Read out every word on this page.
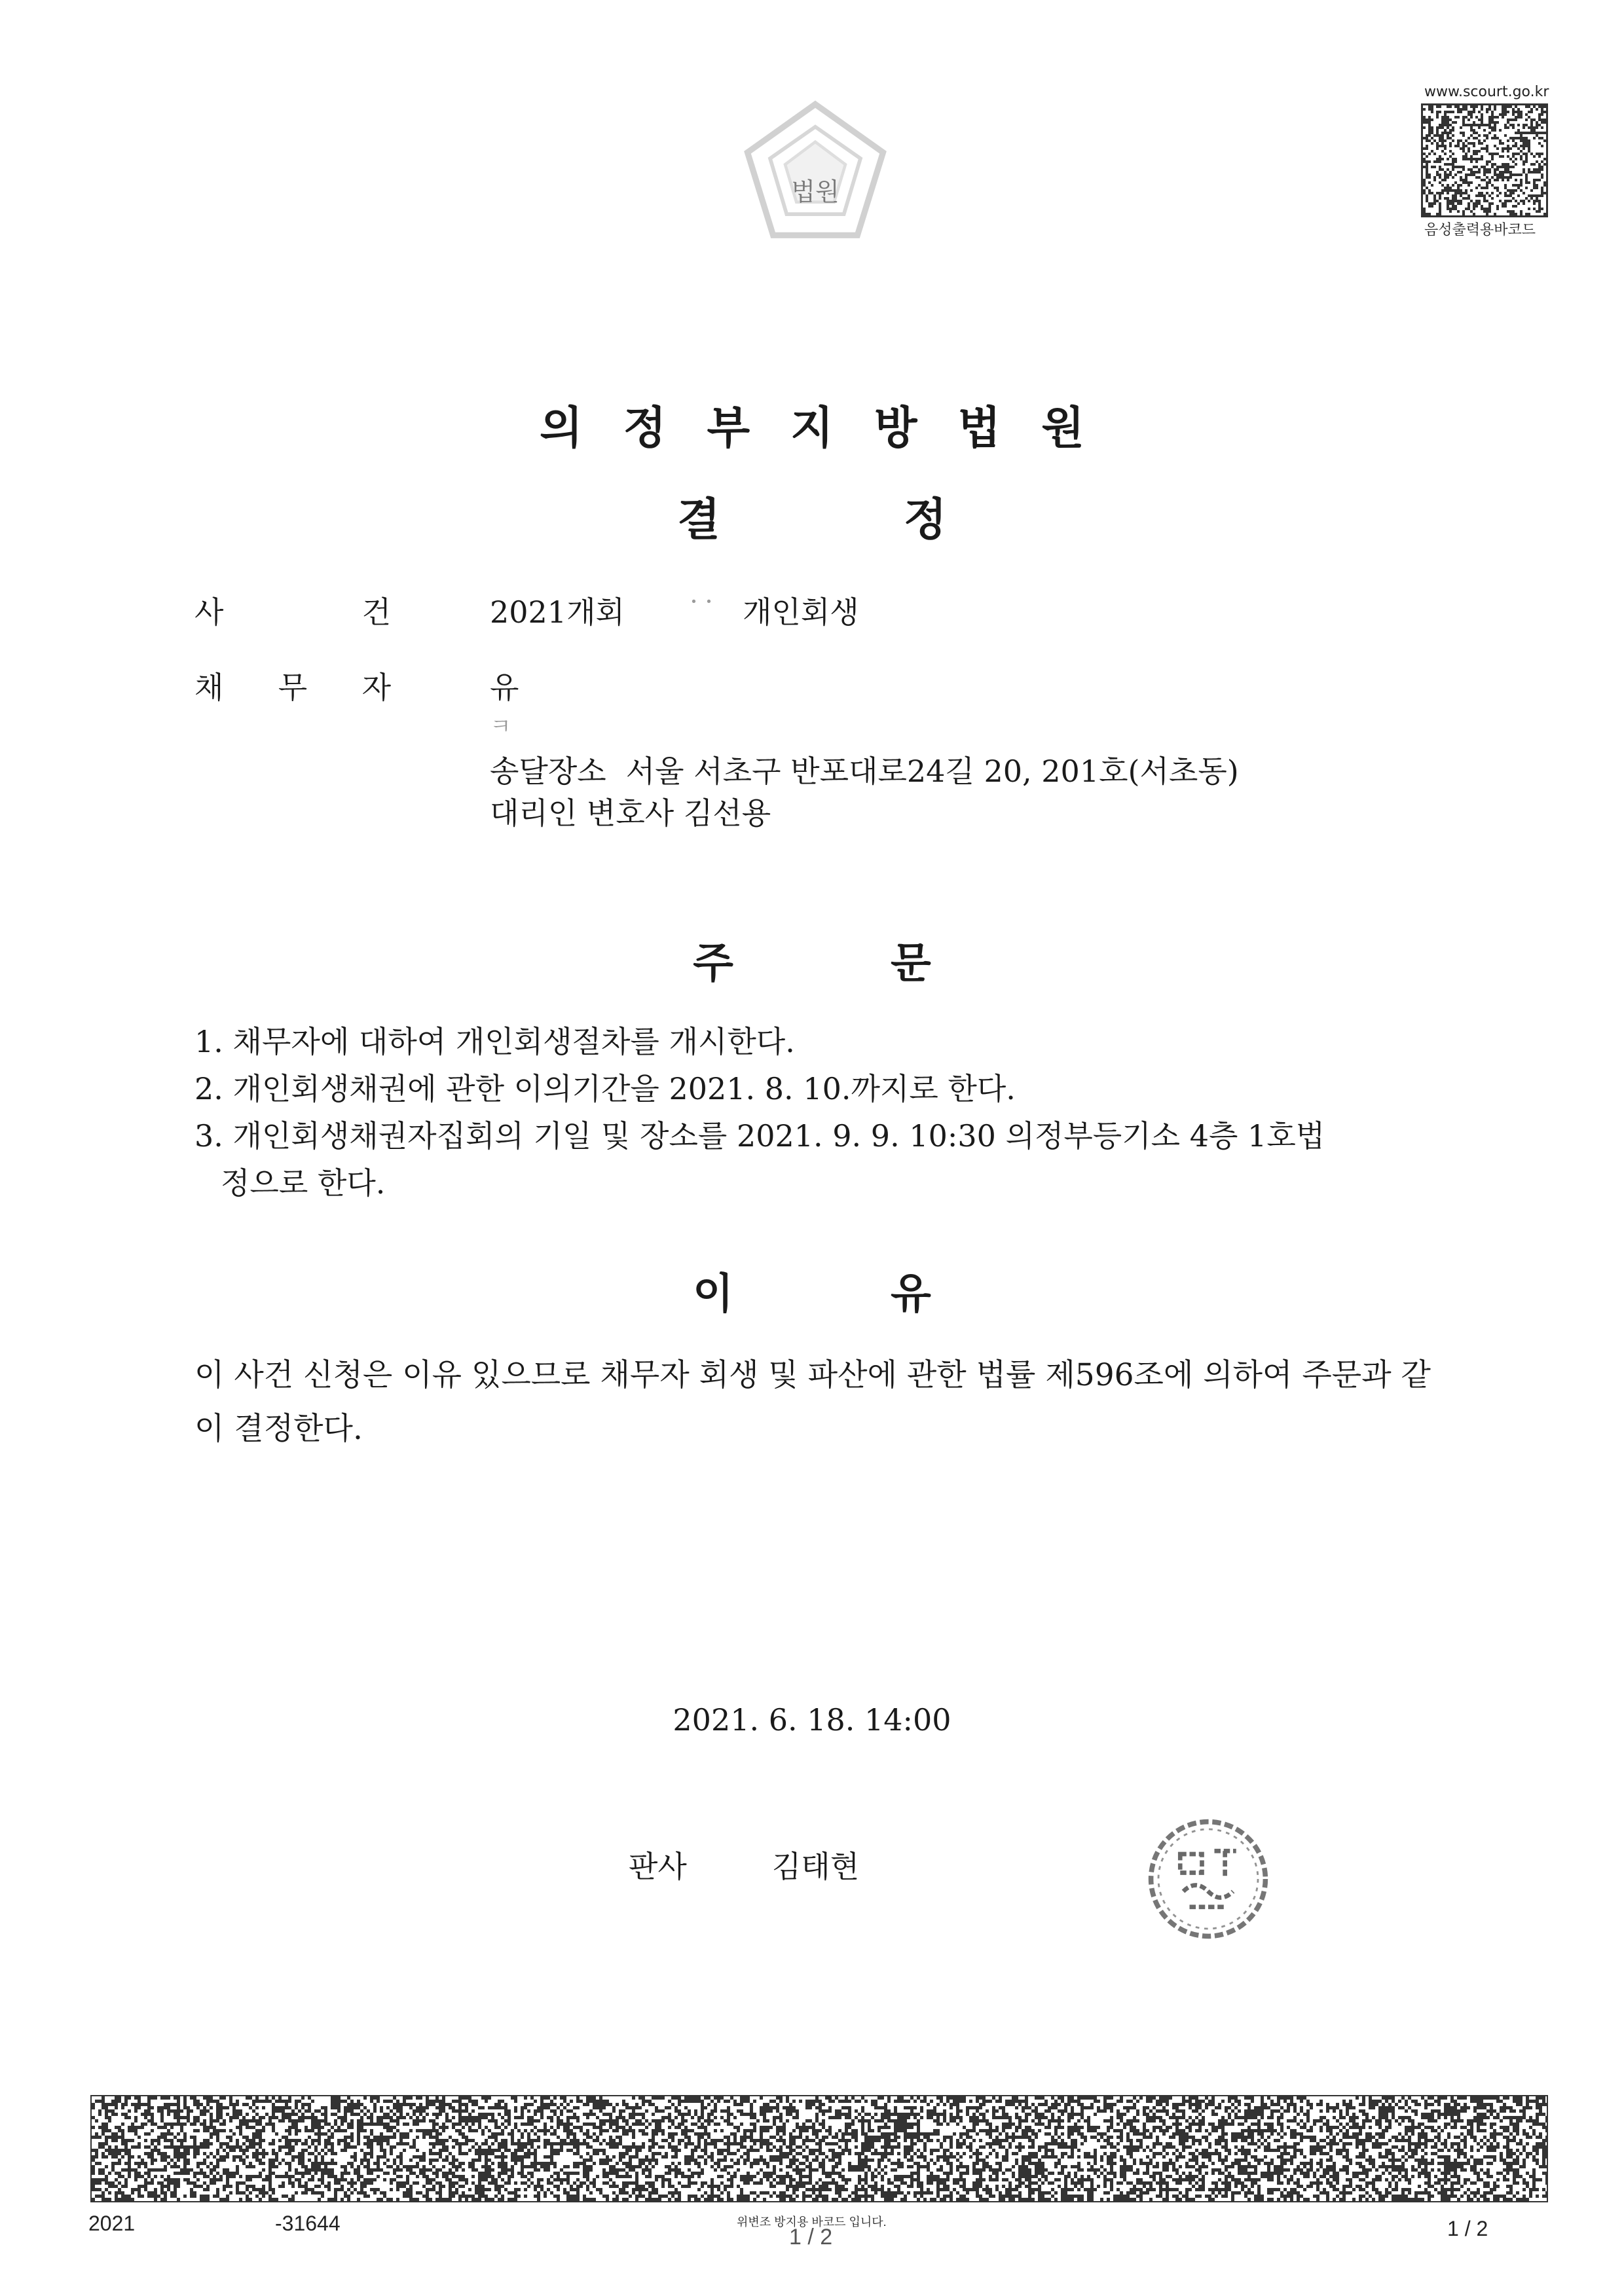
법원
www.scourt.go.kr
음성출력용바코드
의정부지방법원
결정
사	건	2021개회 ˙˙ 개인회생
채 무 자	유
ㅋ
송달장소 서울 서초구 반포대로24길 20, 201호(서초동)
대리인 변호사 김선용
주문
1. 채무자에 대하여 개인회생절차를 개시한다.
2. 개인회생채권에 관한 이의기간을 2021. 8. 10.까지로 한다.
3. 개인회생채권자집회의 기일 및 장소를 2021. 9. 9. 10:30 의정부등기소 4층 1호법
정으로 한다.
이유
이 사건 신청은 이유 있으므로 채무자 회생 및 파산에 관한 법률 제596조에 의하여 주문과 같이 결정한다.
2021. 6. 18. 14:00
판사	김태현
2021	-31644	위변조 방지용 바코드 입니다.
1 / 2	1 / 2
